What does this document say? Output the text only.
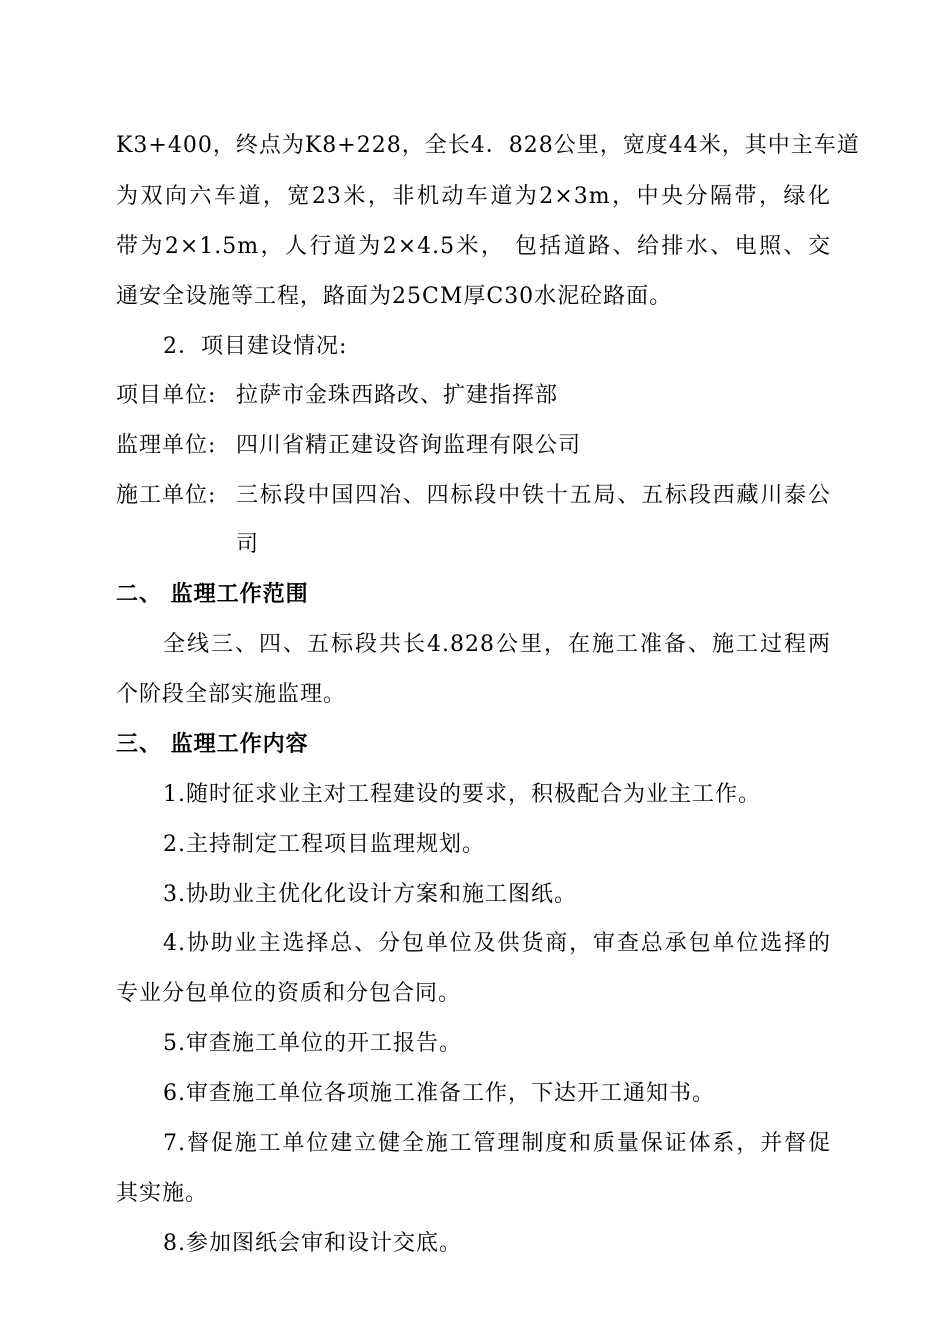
K3+400，终点为K8+228，全长4．828公里，宽度44米，其中主车道
为双向六车道，宽23米，非机动车道为2×3m，中央分隔带，绿化
带为2×1.5m，人行道为2×4.5米， 包括道路、给排水、电照、交
通安全设施等工程，路面为25CM厚C30水泥砼路面。
2．项目建设情况:
项目单位: 拉萨市金珠西路改、扩建指挥部
监理单位: 四川省精正建设咨询监理有限公司
施工单位: 三标段中国四冶、四标段中铁十五局、五标段西藏川泰公
司
二、 监理工作范围
全线三、四、五标段共长4.828公里，在施工准备、施工过程两
个阶段全部实施监理。
三、 监理工作内容
1.随时征求业主对工程建设的要求，积极配合为业主工作。
2.主持制定工程项目监理规划。
3.协助业主优化化设计方案和施工图纸。
4.协助业主选择总、分包单位及供货商，审查总承包单位选择的
专业分包单位的资质和分包合同。
5.审查施工单位的开工报告。
6.审查施工单位各项施工准备工作，下达开工通知书。
7.督促施工单位建立健全施工管理制度和质量保证体系，并督促
其实施。
8.参加图纸会审和设计交底。
